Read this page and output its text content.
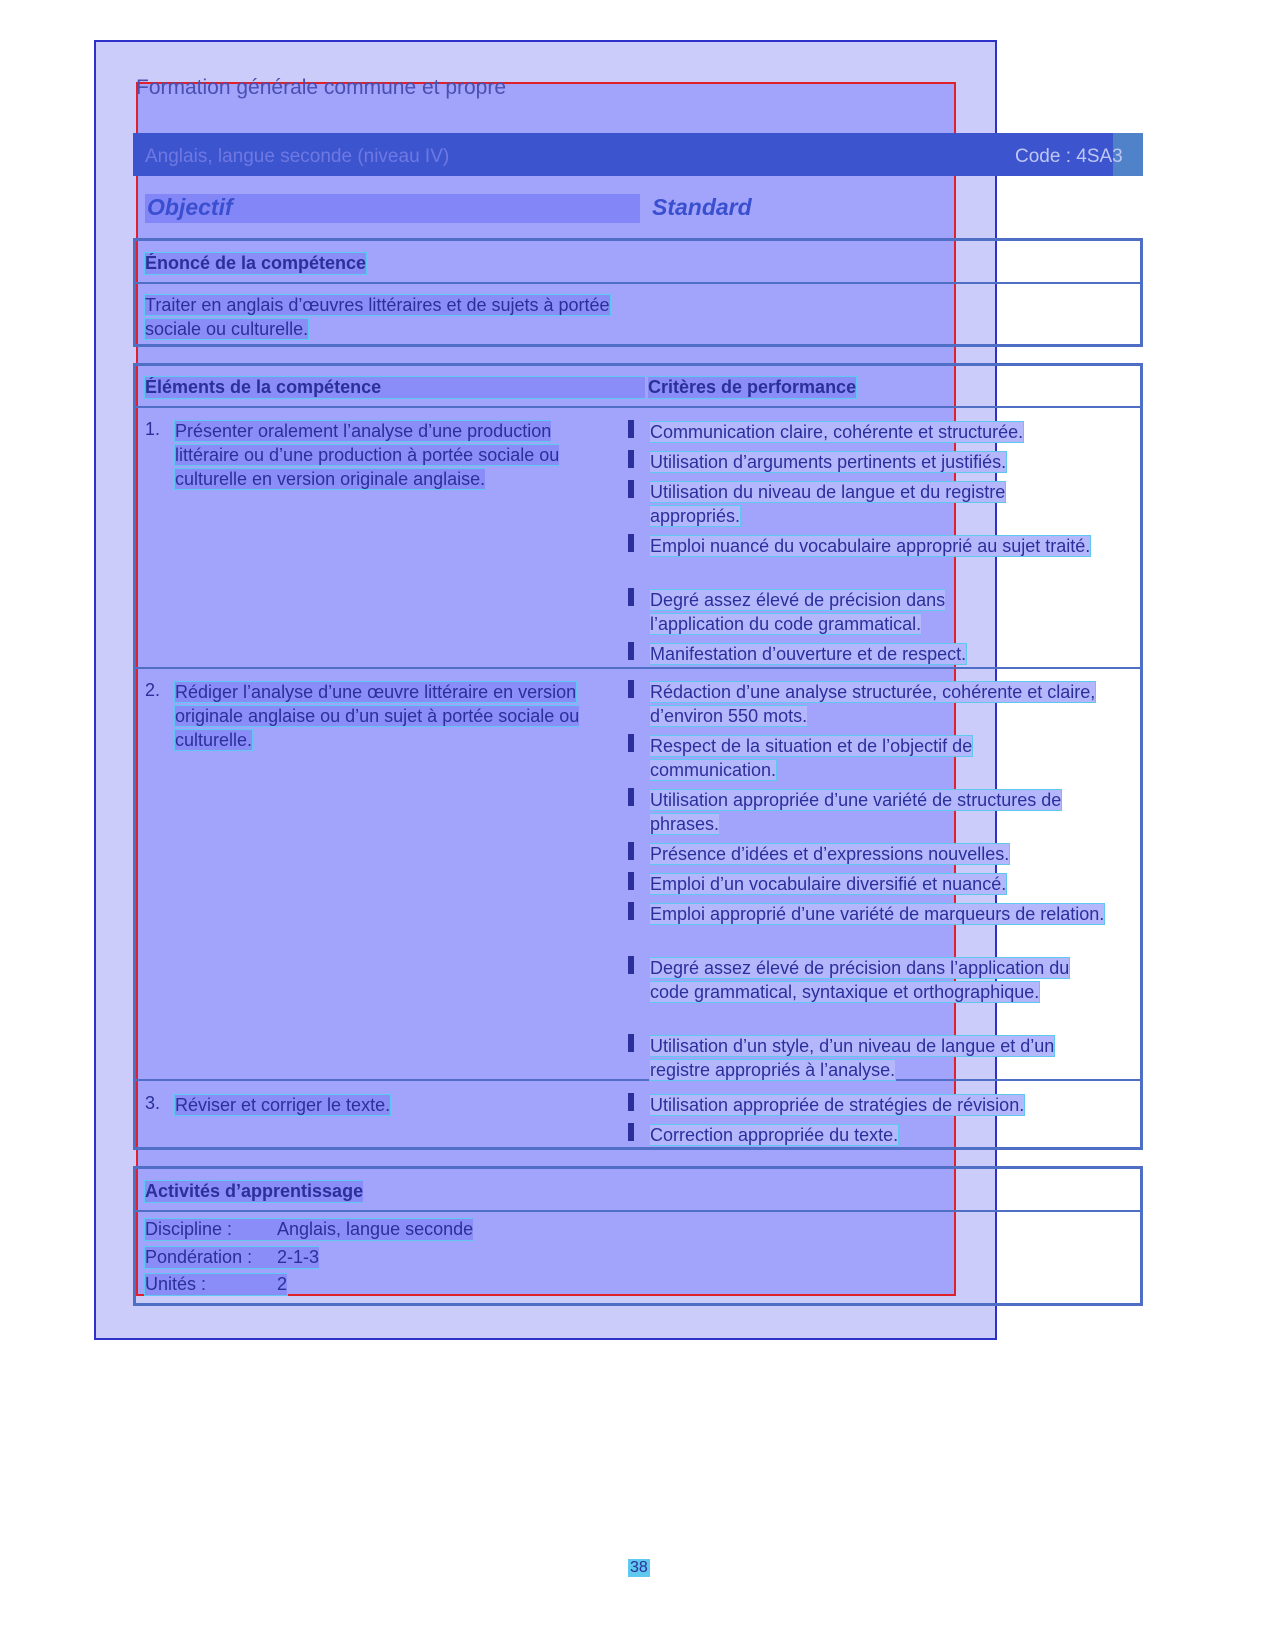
Formation générale commune et propre
Anglais, langue seconde (niveau IV)	Code : 4SA3
Objectif	Standard
Énoncé de la compétence
Traiter en anglais d’œuvres littéraires et de sujets à portée sociale ou culturelle.
Éléments de la compétence	Critères de performance
1. Présenter oralement l’analyse d’une production littéraire ou d’une production à portée sociale ou culturelle en version originale anglaise.
Communication claire, cohérente et structurée.
Utilisation d’arguments pertinents et justifiés.
Utilisation du niveau de langue et du registre appropriés.
Emploi nuancé du vocabulaire approprié au sujet traité.
Degré assez élevé de précision dans l’application du code grammatical.
Manifestation d’ouverture et de respect.
2. Rédiger l’analyse d’une œuvre littéraire en version originale anglaise ou d’un sujet à portée sociale ou culturelle.
Rédaction d’une analyse structurée, cohérente et claire, d’environ 550 mots.
Respect de la situation et de l’objectif de communication.
Utilisation appropriée d’une variété de structures de phrases.
Présence d’idées et d’expressions nouvelles.
Emploi d’un vocabulaire diversifié et nuancé.
Emploi approprié d’une variété de marqueurs de relation.
Degré assez élevé de précision dans l’application du code grammatical, syntaxique et orthographique.
Utilisation d’un style, d’un niveau de langue et d’un registre appropriés à l’analyse.
3. Réviser et corriger le texte.	Utilisation appropriée de stratégies de révision.
Correction appropriée du texte.
Activités d’apprentissage
Discipline : Anglais, langue seconde
Pondération : 2-1-3
Unités :	2
38
